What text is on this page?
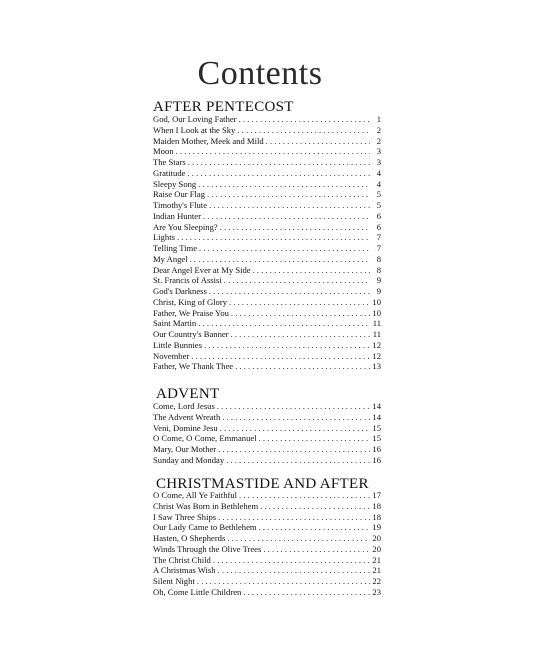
Contents
AFTER PENTECOST
God, Our Loving Father . . .	1
When I Look at the Sky . . .	2
Maiden Mother, Meek and Mild . . .	2
Moon . . .	3
The Stars . . .	3
Gratitude . . .	4
Sleepy Song . . .	4
Raise Our Flag . . .	5
Timothy's Flute . . .	5
Indian Hunter . . .	6
Are You Sleeping? . . .	6
Lights . . .	7
Telling Time . . .	7
My Angel . . .	8
Dear Angel Ever at My Side . . .	8
St. Francis of Assisi . . .	9
God's Darkness . . .	9
Christ, King of Glory . . .	10
Father, We Praise You . . .	10
Saint Martin . . .	11
Our Country's Banner . . .	11
Little Bunnies . . .	12
November . . .	12
Father, We Thank Thee . . .	13
ADVENT
Come, Lord Jesus . . .	14
The Advent Wreath . . .	14
Veni, Domine Jesu . . .	15
O Come, O Come, Emmanuel . . .	15
Mary, Our Mother . . .	16
Sunday and Monday . . .	16
CHRISTMASTIDE AND AFTER
O Come, All Ye Faithful . . .	17
Christ Was Born in Bethlehem . . .	18
I Saw Three Ships . . .	18
Our Lady Came to Bethlehem . . .	19
Hasten, O Shepherds . . .	20
Winds Through the Olive Trees . . .	20
The Christ Child . . .	21
A Christmas Wish . . .	21
Silent Night . . .	22
Oh, Come Little Children . . .	23
